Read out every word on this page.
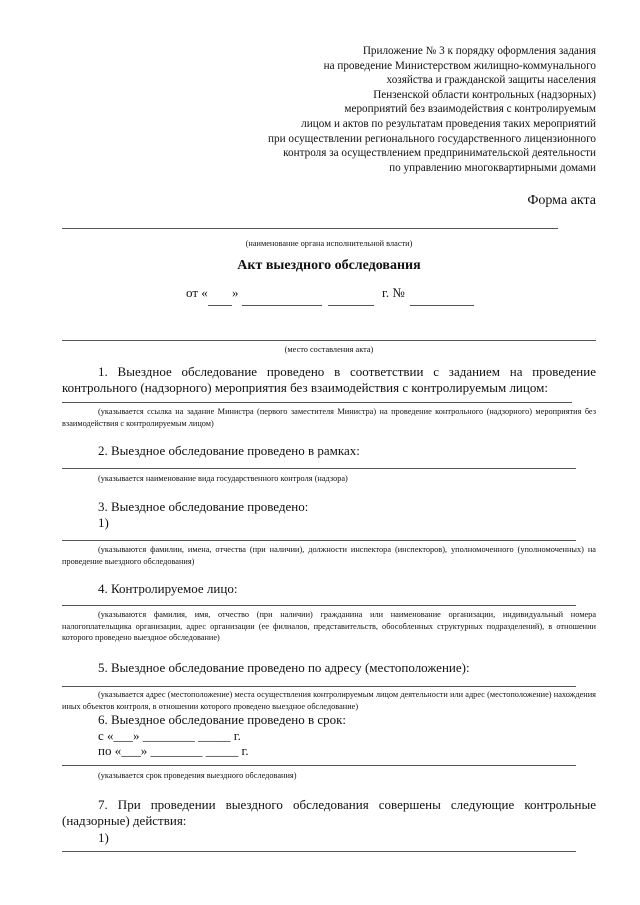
Приложение № 3 к порядку оформления задания
на проведение Министерством жилищно-коммунального
хозяйства и гражданской защиты населения
Пензенской области контрольных (надзорных)
мероприятий без взаимодействия с контролируемым
лицом и актов по результатам проведения таких мероприятий
при осуществлении регионального государственного лицензионного
контроля за осуществлением предпринимательской деятельности
по управлению многоквартирными домами
Форма акта
(наименование органа исполнительной власти)
Акт выездного обследования
от « »	г. №
(место составления акта)
1. Выездное обследование проведено в соответствии с заданием на проведение контрольного (надзорного) мероприятия без взаимодействия с контролируемым лицом:
(указывается ссылка на задание Министра (первого заместителя Министра) на проведение контрольного (надзорного) мероприятия без взаимодействия с контролируемым лицом)
2. Выездное обследование проведено в рамках:
(указывается наименование вида государственного контроля (надзора)
3. Выездное обследование проведено:
1)
(указываются фамилии, имена, отчества (при наличии), должности инспектора (инспекторов), уполномоченного (уполномоченных) на проведение выездного обследования)
4. Контролируемое лицо:
(указываются фамилия, имя, отчество (при наличии) гражданина или наименование организации, индивидуальный номера налогоплательщика организации, адрес организации (ее филиалов, представительств, обособленных структурных подразделений), в отношении которого проведено выездное обследование)
5. Выездное обследование проведено по адресу (местоположение):
(указывается адрес (местоположение) места осуществления контролируемым лицом деятельности или адрес (местоположение) нахождения иных объектов контроля, в отношении которого проведено выездное обследование)
6. Выездное обследование проведено в срок:
с «___» ________ _____ г.
по «___» ________ _____ г.
(указывается срок проведения выездного обследования)
7. При проведении выездного обследования совершены следующие контрольные (надзорные) действия:
1)
